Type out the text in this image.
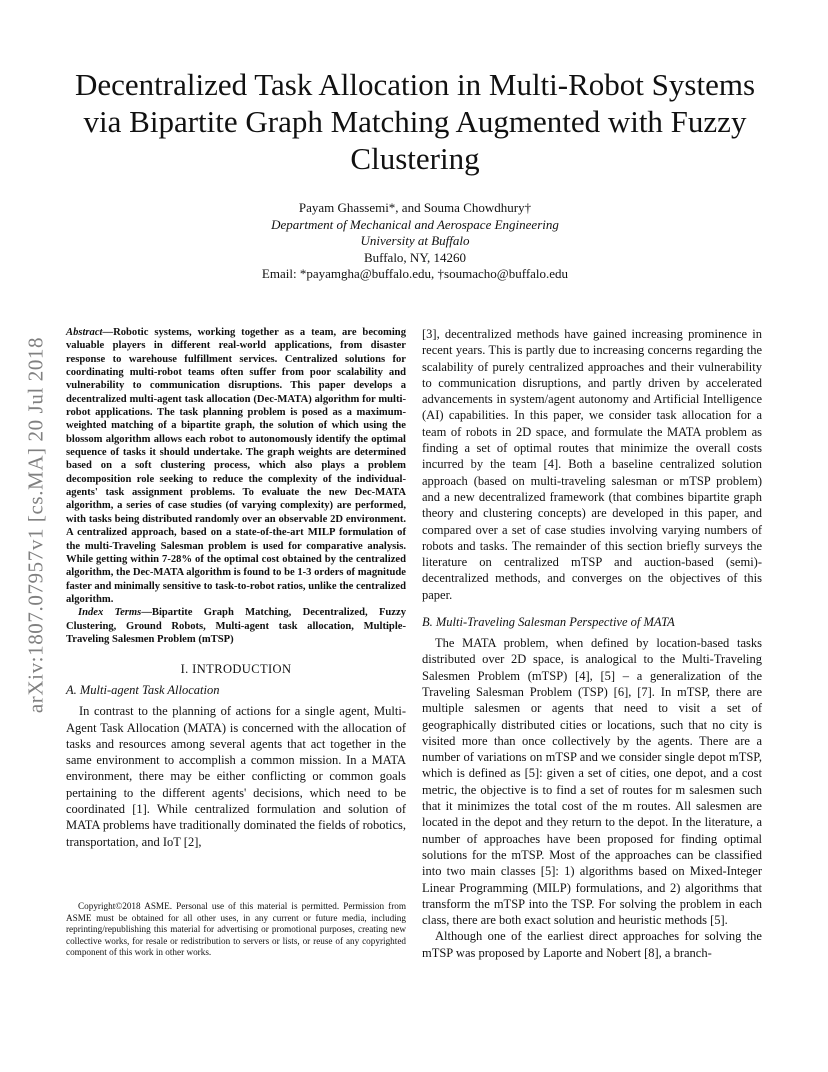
arXiv:1807.07957v1 [cs.MA] 20 Jul 2018
Decentralized Task Allocation in Multi-Robot Systems via Bipartite Graph Matching Augmented with Fuzzy Clustering
Payam Ghassemi*, and Souma Chowdhury†
Department of Mechanical and Aerospace Engineering
University at Buffalo
Buffalo, NY, 14260
Email: *payamgha@buffalo.edu, †soumacho@buffalo.edu

Abstract—Robotic systems, working together as a team, are becoming valuable players in different real-world applications, from disaster response to warehouse fulfillment services. Centralized solutions for coordinating multi-robot teams often suffer from poor scalability and vulnerability to communication disruptions. This paper develops a decentralized multi-agent task allocation (Dec-MATA) algorithm for multi-robot applications. The task planning problem is posed as a maximum-weighted matching of a bipartite graph, the solution of which using the blossom algorithm allows each robot to autonomously identify the optimal sequence of tasks it should undertake. The graph weights are determined based on a soft clustering process, which also plays a problem decomposition role seeking to reduce the complexity of the individual-agents' task assignment problems. To evaluate the new Dec-MATA algorithm, a series of case studies (of varying complexity) are performed, with tasks being distributed randomly over an observable 2D environment. A centralized approach, based on a state-of-the-art MILP formulation of the multi-Traveling Salesman problem is used for comparative analysis. While getting within 7-28% of the optimal cost obtained by the centralized algorithm, the Dec-MATA algorithm is found to be 1-3 orders of magnitude faster and minimally sensitive to task-to-robot ratios, unlike the centralized algorithm.

Index Terms—Bipartite Graph Matching, Decentralized, Fuzzy Clustering, Ground Robots, Multi-agent task allocation, Multiple-Traveling Salesmen Problem (mTSP)

I. INTRODUCTION
A. Multi-agent Task Allocation

In contrast to the planning of actions for a single agent, Multi-Agent Task Allocation (MATA) is concerned with the allocation of tasks and resources among several agents that act together in the same environment to accomplish a common mission. In a MATA environment, there may be either conflicting or common goals pertaining to the different agents' decisions, which need to be coordinated [1]. While centralized formulation and solution of MATA problems have traditionally dominated the fields of robotics, transportation, and IoT [2],

Copyright©2018 ASME. Personal use of this material is permitted. Permission from ASME must be obtained for all other uses, in any current or future media, including reprinting/republishing this material for advertising or promotional purposes, creating new collective works, for resale or redistribution to servers or lists, or reuse of any copyrighted component of this work in other works.

[3], decentralized methods have gained increasing prominence in recent years. This is partly due to increasing concerns regarding the scalability of purely centralized approaches and their vulnerability to communication disruptions, and partly driven by accelerated advancements in system/agent autonomy and Artificial Intelligence (AI) capabilities. In this paper, we consider task allocation for a team of robots in 2D space, and formulate the MATA problem as finding a set of optimal routes that minimize the overall costs incurred by the team [4]. Both a baseline centralized solution approach (based on multi-traveling salesman or mTSP problem) and a new decentralized framework (that combines bipartite graph theory and clustering concepts) are developed in this paper, and compared over a set of case studies involving varying numbers of robots and tasks. The remainder of this section briefly surveys the literature on centralized mTSP and auction-based (semi)-decentralized methods, and converges on the objectives of this paper.

B. Multi-Traveling Salesman Perspective of MATA

The MATA problem, when defined by location-based tasks distributed over 2D space, is analogical to the Multi-Traveling Salesmen Problem (mTSP) [4], [5] – a generalization of the Traveling Salesman Problem (TSP) [6], [7]. In mTSP, there are multiple salesmen or agents that need to visit a set of geographically distributed cities or locations, such that no city is visited more than once collectively by the agents. There are a number of variations on mTSP and we consider single depot mTSP, which is defined as [5]: given a set of cities, one depot, and a cost metric, the objective is to find a set of routes for m salesmen such that it minimizes the total cost of the m routes. All salesmen are located in the depot and they return to the depot. In the literature, a number of approaches have been proposed for finding optimal solutions for the mTSP. Most of the approaches can be classified into two main classes [5]: 1) algorithms based on Mixed-Integer Linear Programming (MILP) formulations, and 2) algorithms that transform the mTSP into the TSP. For solving the problem in each class, there are both exact solution and heuristic methods [5].

Although one of the earliest direct approaches for solving the mTSP was proposed by Laporte and Nobert [8], a branch-
